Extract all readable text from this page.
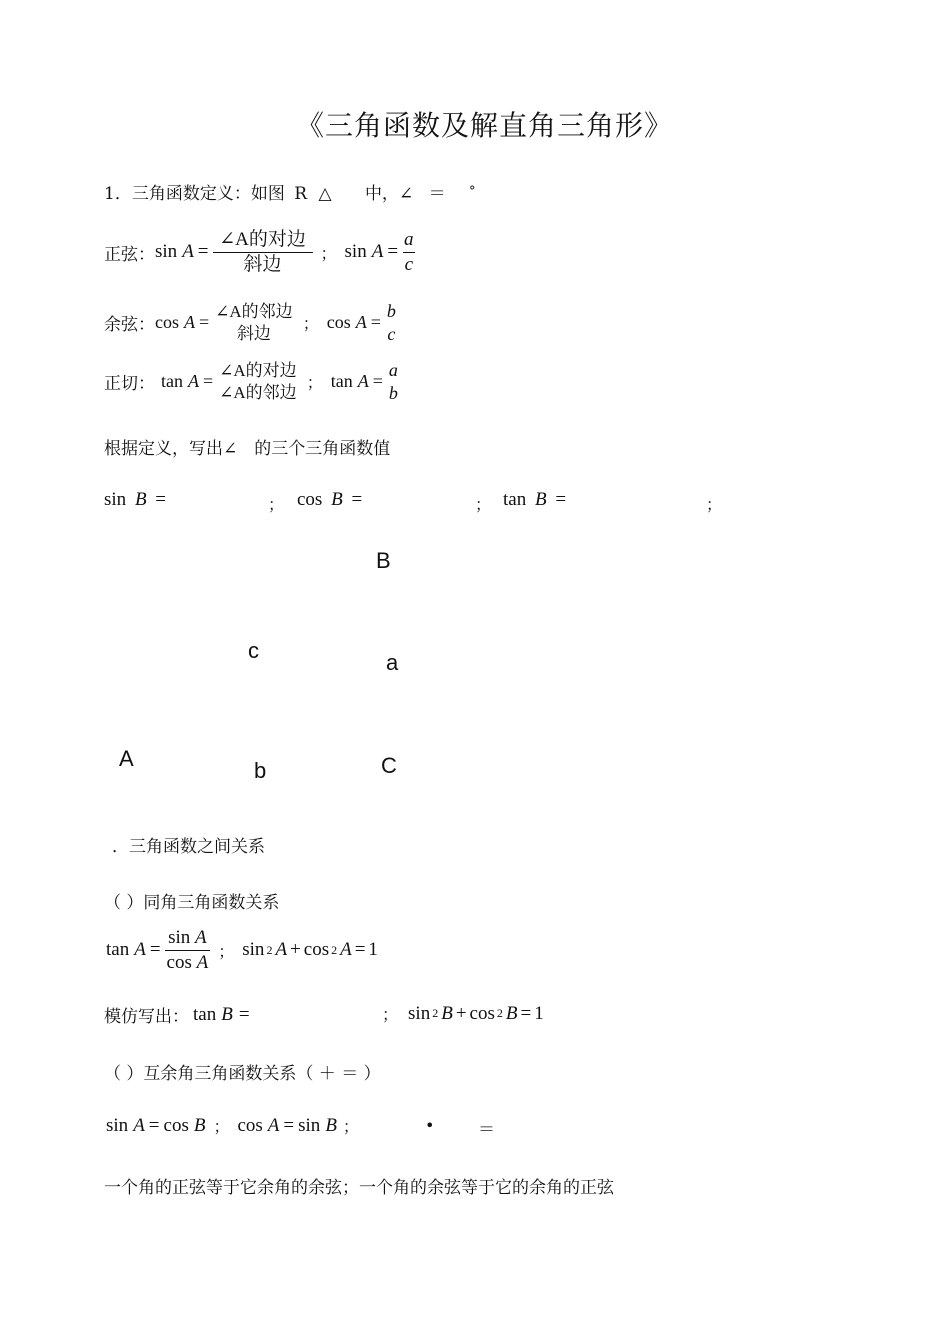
《三角函数及解直角三角形》
1．三角函数定义：如图 R △ 中，∠ ＝ °
正弦： $\sin A = \frac{\text{∠A的对边}}{\text{斜边}}$ ； $\sin A = \frac{a}{c}$
余弦： cos A =
∠A的邻边
斜边 ； cos A =
b
c
正切： tan A =
∠A的对边
∠A的邻边 ； tan A =
a
b
根据定义，写出∠　的三个三角函数值
sin B =	； cos B =	； tan B =	；
B
c	a
A	b	C
．三角函数之间关系
（ ）同角三角函数关系
$\tan A = \frac{\text{sin A}}{\text{cos A}}$ ； sin 2 A + cos 2 A = 1
模仿写出： tan B =	； sin 2 B + cos 2 B = 1
（ ）互余角三角函数关系（ ＋ ＝ ）
sin A = cos B ； cos A = sin B ；	•	＝
一个角的正弦等于它余角的余弦；一个角的余弦等于它的余角的正弦
